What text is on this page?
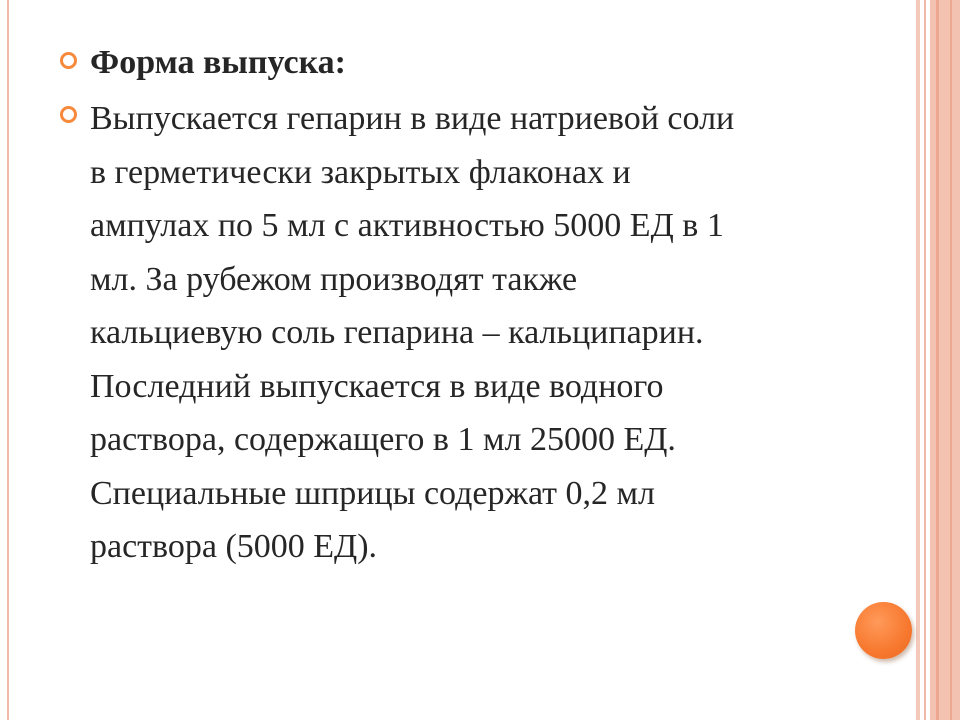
Форма выпуска:
Выпускается гепарин в виде натриевой соли
в герметически закрытых флаконах и
ампулах по 5 мл с активностью 5000 ЕД в 1
мл. За рубежом производят также
кальциевую соль гепарина – кальципарин.
Последний выпускается в виде водного
раствора, содержащего в 1 мл 25000 ЕД.
Специальные шприцы содержат 0,2 мл
раствора (5000 ЕД).
